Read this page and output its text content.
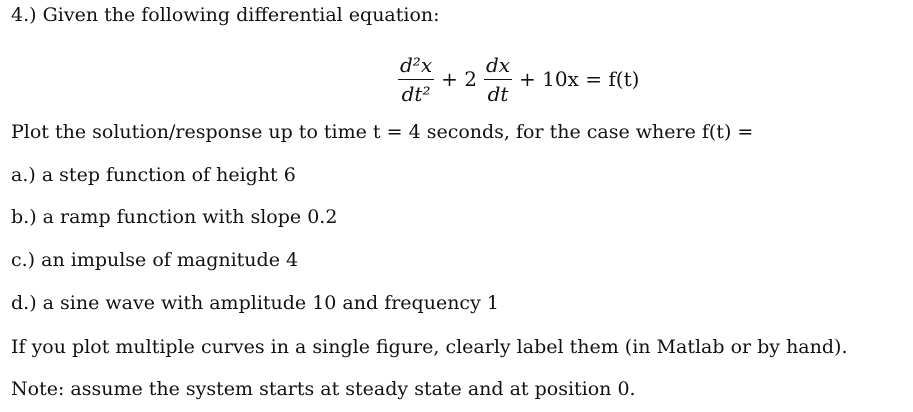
4.) Given the following differential equation:
$\frac{\text{d²x}}{\text{dt²}} + 2 \frac{dx}{dt} + 10x = f(t)$
Plot the solution/response up to time t = 4 seconds, for the case where f(t) =
a.) a step function of height 6
b.) a ramp function with slope 0.2
c.) an impulse of magnitude 4
d.) a sine wave with amplitude 10 and frequency 1
If you plot multiple curves in a single figure, clearly label them (in Matlab or by hand).
Note: assume the system starts at steady state and at position 0.
